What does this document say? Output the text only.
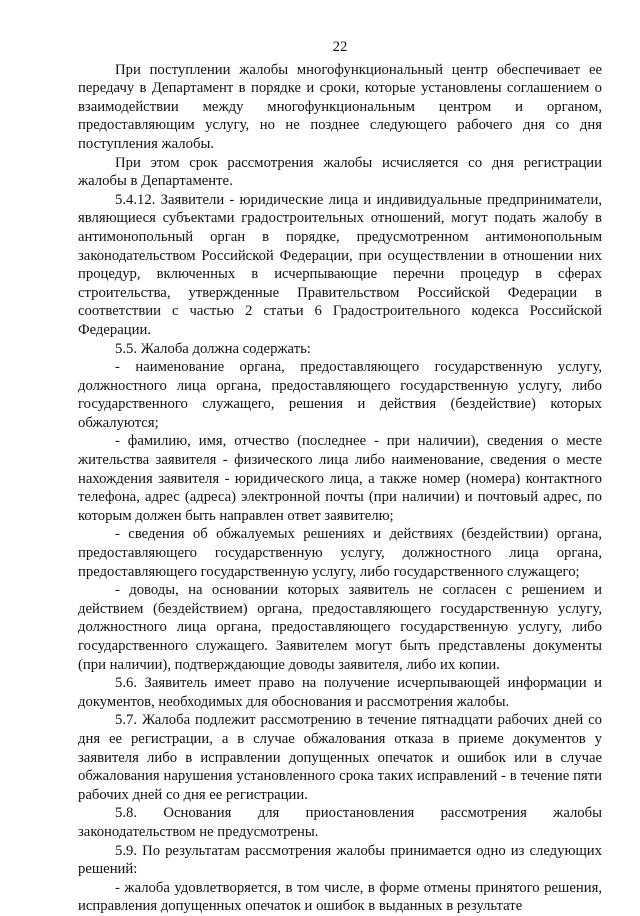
22

При поступлении жалобы многофункциональный центр обеспечивает ее передачу в Департамент в порядке и сроки, которые установлены соглашением о взаимодействии между многофункциональным центром и органом, предоставляющим услугу, но не позднее следующего рабочего дня со дня поступления жалобы.

При этом срок рассмотрения жалобы исчисляется со дня регистрации жалобы в Департаменте.

5.4.12. Заявители - юридические лица и индивидуальные предприниматели, являющиеся субъектами градостроительных отношений, могут подать жалобу в антимонопольный орган в порядке, предусмотренном антимонопольным законодательством Российской Федерации, при осуществлении в отношении них процедур, включенных в исчерпывающие перечни процедур в сферах строительства, утвержденные Правительством Российской Федерации в соответствии с частью 2 статьи 6 Градостроительного кодекса Российской Федерации.

5.5. Жалоба должна содержать:

- наименование органа, предоставляющего государственную услугу, должностного лица органа, предоставляющего государственную услугу, либо государственного служащего, решения и действия (бездействие) которых обжалуются;

- фамилию, имя, отчество (последнее - при наличии), сведения о месте жительства заявителя - физического лица либо наименование, сведения о месте нахождения заявителя - юридического лица, а также номер (номера) контактного телефона, адрес (адреса) электронной почты (при наличии) и почтовый адрес, по которым должен быть направлен ответ заявителю;

- сведения об обжалуемых решениях и действиях (бездействии) органа, предоставляющего государственную услугу, должностного лица органа, предоставляющего государственную услугу, либо государственного служащего;

- доводы, на основании которых заявитель не согласен с решением и действием (бездействием) органа, предоставляющего государственную услугу, должностного лица органа, предоставляющего государственную услугу, либо государственного служащего. Заявителем могут быть представлены документы (при наличии), подтверждающие доводы заявителя, либо их копии.

5.6. Заявитель имеет право на получение исчерпывающей информации и документов, необходимых для обоснования и рассмотрения жалобы.

5.7. Жалоба подлежит рассмотрению в течение пятнадцати рабочих дней со дня ее регистрации, а в случае обжалования отказа в приеме документов у заявителя либо в исправлении допущенных опечаток и ошибок или в случае обжалования нарушения установленного срока таких исправлений - в течение пяти рабочих дней со дня ее регистрации.

5.8. Основания для приостановления рассмотрения жалобы законодательством не предусмотрены.

5.9. По результатам рассмотрения жалобы принимается одно из следующих решений:

- жалоба удовлетворяется, в том числе, в форме отмены принятого решения, исправления допущенных опечаток и ошибок в выданных в результате
